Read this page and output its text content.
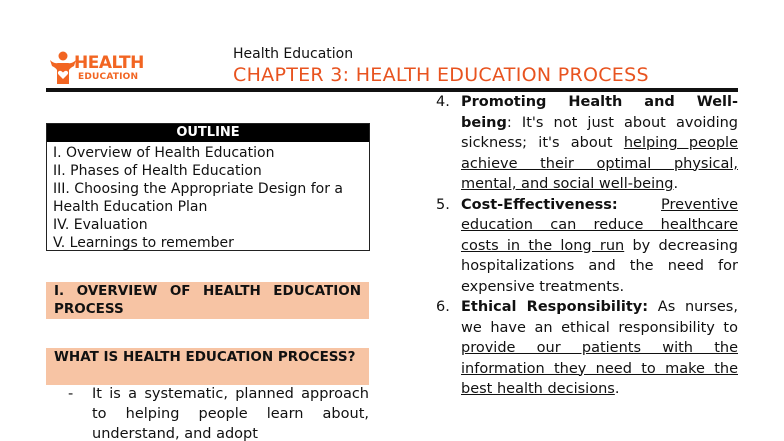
HEALTH
EDUCATION
Health Education
CHAPTER 3: HEALTH EDUCATION PROCESS
OUTLINE
I. Overview of Health Education
II. Phases of Health Education
III. Choosing the Appropriate Design for a Health Education Plan
IV. Evaluation
V. Learnings to remember
I. OVERVIEW OF HEALTH EDUCATION PROCESS
WHAT IS HEALTH EDUCATION PROCESS?
- It is a systematic, planned approach to helping people learn about, understand, and adopt
4. Promoting Health and Well-being: It's not just about avoiding sickness; it's about helping people achieve their optimal physical, mental, and social well-being.
5. Cost-Effectiveness:	Preventive education can reduce healthcare costs in the long run by decreasing hospitalizations and the need for expensive treatments.
6. Ethical Responsibility: As nurses, we have an ethical responsibility to provide our patients with the information they need to make the best health decisions.
